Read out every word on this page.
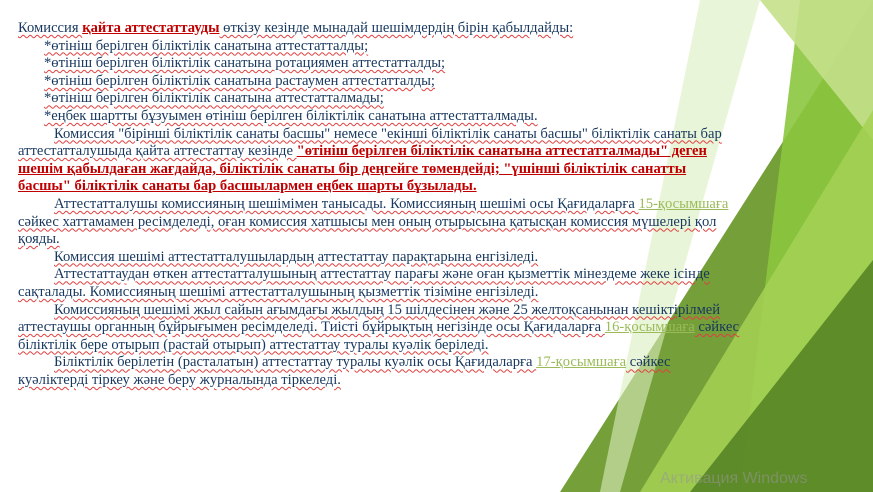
Комиссия қайта аттестаттауды өткізу кезінде мынадай шешімдердің бірін қабылдайды:

*өтініш берілген біліктілік санатына аттестатталды;

*өтініш берілген біліктілік санатына ротациямен аттестатталды;

*өтініш берілген біліктілік санатына растаумен аттестатталды;

*өтініш берілген біліктілік санатына аттестатталмады;

*еңбек шартты бұзуымен өтініш берілген біліктілік санатына аттестатталмады.

Комиссия "бірінші біліктілік санаты басшы" немесе "екінші біліктілік санаты басшы" біліктілік санаты бар аттестатталушыда қайта аттестаттау кезінде "өтініш берілген біліктілік санатына аттестатталмады" деген шешім қабылдаған жағдайда, біліктілік санаты бір деңгейге төмендейді; "үшінші біліктілік санатты басшы" біліктілік санаты бар басшылармен еңбек шарты бұзылады.

Аттестатталушы комиссияның шешімімен танысады. Комиссияның шешімі осы Қағидаларға 15-қосымшаға сәйкес хаттамамен ресімделеді, оған комиссия хатшысы мен оның отырысына қатысқан комиссия мүшелері қол қояды.

Комиссия шешімі аттестатталушылардың аттестаттау парақтарына енгізіледі.

Аттестаттаудан өткен аттестатталушының аттестаттау парағы және оған қызметтік мінездеме жеке ісінде сақталады. Комиссияның шешімі аттестатталушының қызметтік тізіміне енгізіледі.

Комиссияның шешімі жыл сайын ағымдағы жылдың 15 шілдесінен және 25 желтоқсанынан кешіктірілмей аттестаушы органның бұйрығымен ресімделеді. Тиісті бұйрықтың негізінде осы Қағидаларға 16-қосымшаға сәйкес біліктілік бере отырып (растай отырып) аттестаттау туралы куәлік беріледі.

Біліктілік берілетін (расталатын) аттестаттау туралы куәлік осы Қағидаларға 17-қосымшаға сәйкес куәліктерді тіркеу және беру журналында тіркеледі.

Активация Windows
